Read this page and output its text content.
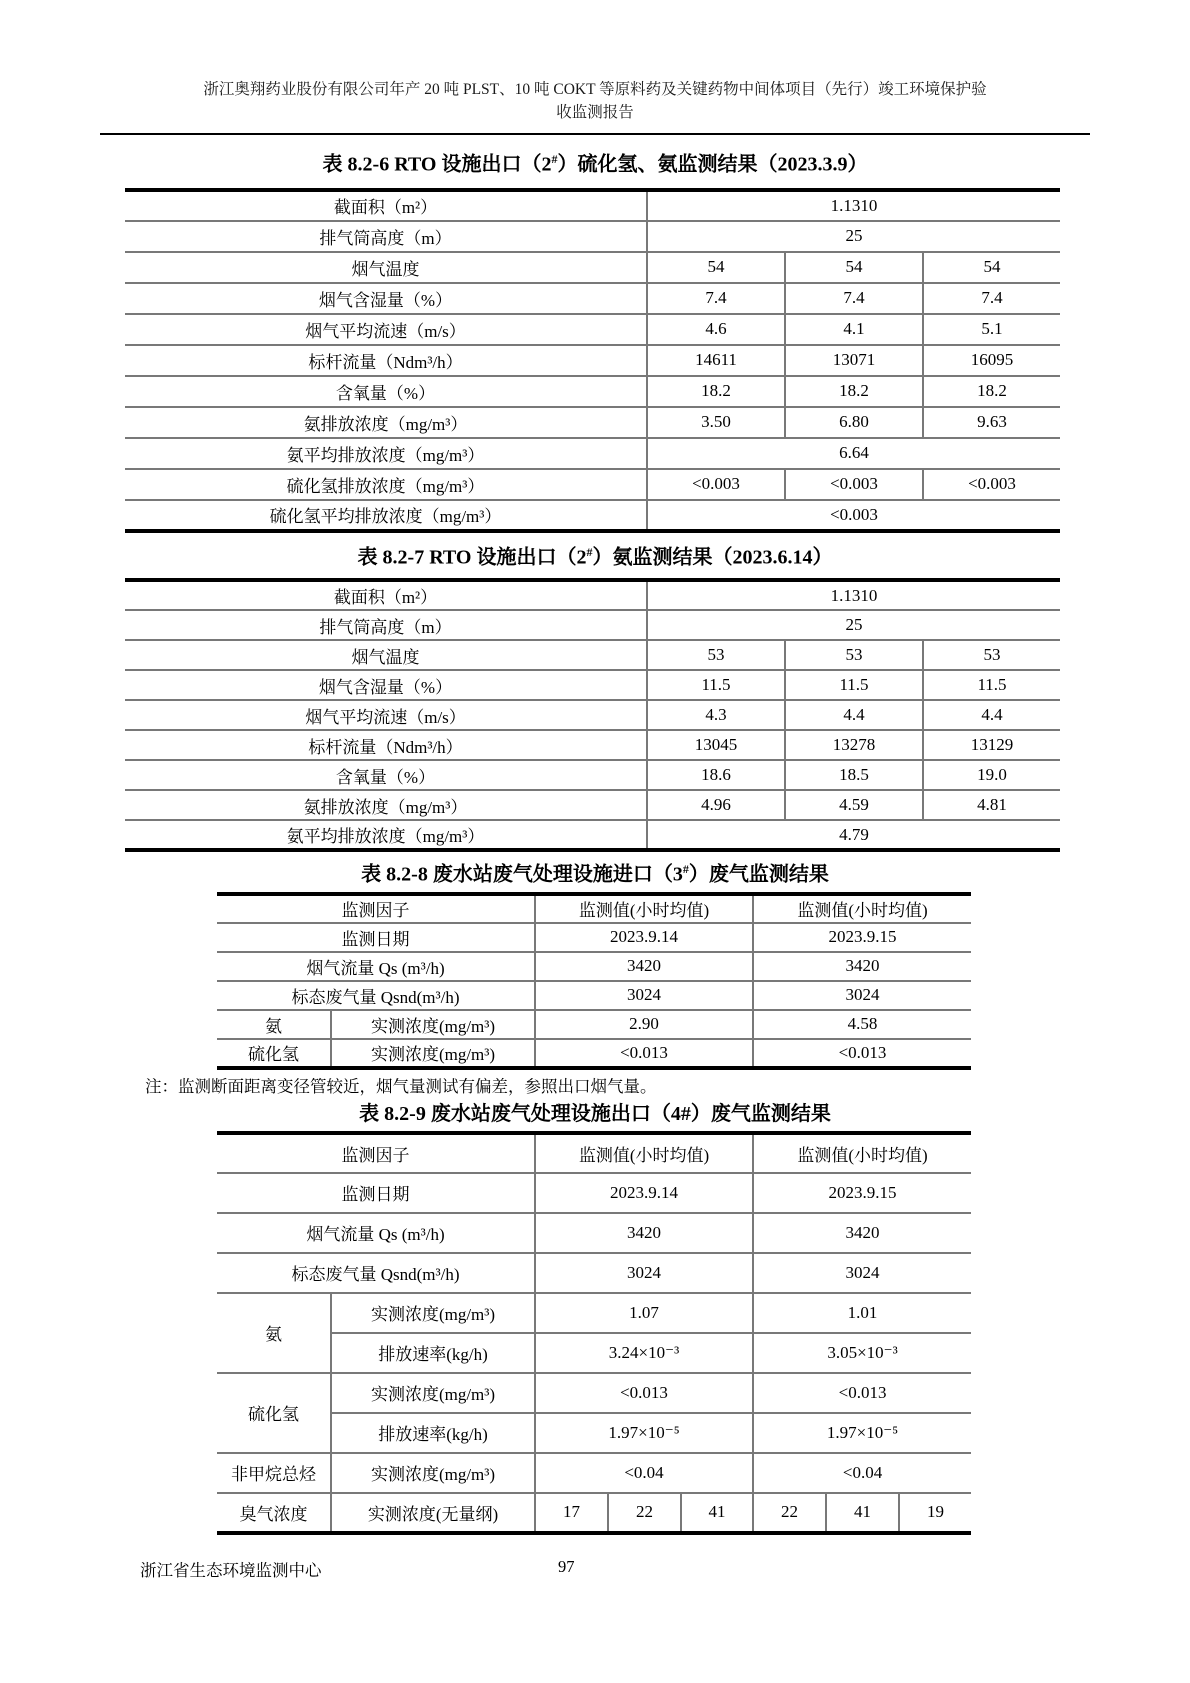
浙江奥翔药业股份有限公司年产 20 吨 PLST、10 吨 COKT 等原料药及关键药物中间体项目（先行）竣工环境保护验
收监测报告
表 8.2-6 RTO 设施出口（2#）硫化氢、氨监测结果（2023.3.9）
截面积（m²）	1.1310		
排气筒高度（m）	25		
烟气温度	54	54	54
烟气含湿量（%）	7.4	7.4	7.4
烟气平均流速（m/s）	4.6	4.1	5.1
标杆流量（Ndm³/h）	14611	13071	16095
含氧量（%）	18.2	18.2	18.2
氨排放浓度（mg/m³）	3.50	6.80	9.63
氨平均排放浓度（mg/m³）	6.64		
硫化氢排放浓度（mg/m³）	<0.003	<0.003	<0.003
硫化氢平均排放浓度（mg/m³）	<0.003		
表 8.2-7 RTO 设施出口（2#）氨监测结果（2023.6.14）
截面积（m²）	1.1310		
排气筒高度（m）	25		
烟气温度	53	53	53
烟气含湿量（%）	11.5	11.5	11.5
烟气平均流速（m/s）	4.3	4.4	4.4
标杆流量（Ndm³/h）	13045	13278	13129
含氧量（%）	18.6	18.5	19.0
氨排放浓度（mg/m³）	4.96	4.59	4.81
氨平均排放浓度（mg/m³）	4.79		
表 8.2-8 废水站废气处理设施进口（3#）废气监测结果
监测因子		监测值(小时均值)	监测值(小时均值)
监测日期		2023.9.14	2023.9.15
烟气流量 Qs (m³/h)		3420	3420
标态废气量 Qsnd(m³/h)		3024	3024
氨	实测浓度(mg/m³)	2.90	4.58
硫化氢	实测浓度(mg/m³)	<0.013	<0.013
注：监测断面距离变径管较近，烟气量测试有偏差，参照出口烟气量。
表 8.2-9 废水站废气处理设施出口（4#）废气监测结果
监测因子		监测值(小时均值)			监测值(小时均值)		
监测日期		2023.9.14			2023.9.15		
烟气流量 Qs (m³/h)		3420			3420		
标态废气量 Qsnd(m³/h)		3024			3024		
氨	实测浓度(mg/m³)	1.07			1.01		
	排放速率(kg/h)	3.24×10⁻³			3.05×10⁻³		
硫化氢	实测浓度(mg/m³)	<0.013			<0.013		
	排放速率(kg/h)	1.97×10⁻⁵			1.97×10⁻⁵		
非甲烷总烃	实测浓度(mg/m³)	<0.04			<0.04		
臭气浓度	实测浓度(无量纲)	17	22	41	22	41	19
浙江省生态环境监测中心	97
